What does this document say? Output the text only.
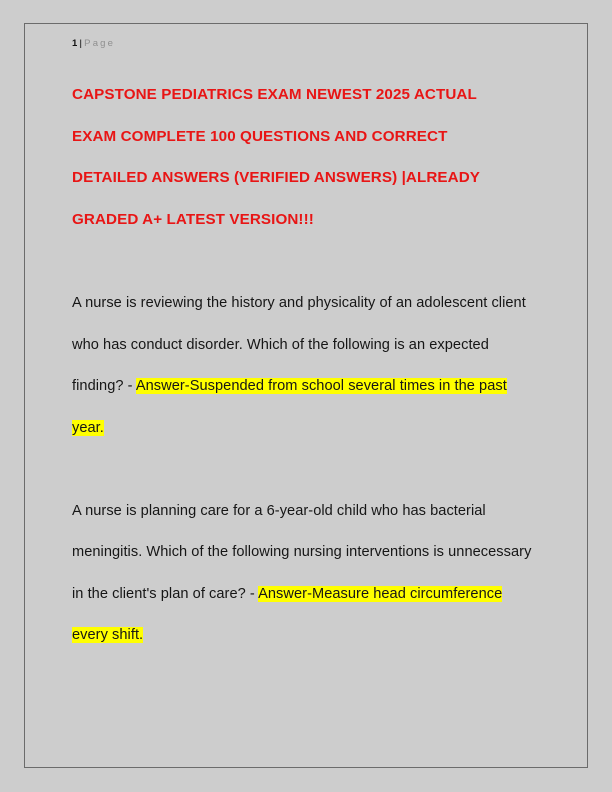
1 | Page
CAPSTONE PEDIATRICS EXAM NEWEST 2025 ACTUAL EXAM COMPLETE 100 QUESTIONS AND CORRECT DETAILED ANSWERS (VERIFIED ANSWERS) |ALREADY GRADED A+ LATEST VERSION!!!
A nurse is reviewing the history and physicality of an adolescent client who has conduct disorder. Which of the following is an expected finding? - Answer-Suspended from school several times in the past year.
A nurse is planning care for a 6-year-old child who has bacterial meningitis. Which of the following nursing interventions is unnecessary in the client's plan of care? - Answer-Measure head circumference every shift.
